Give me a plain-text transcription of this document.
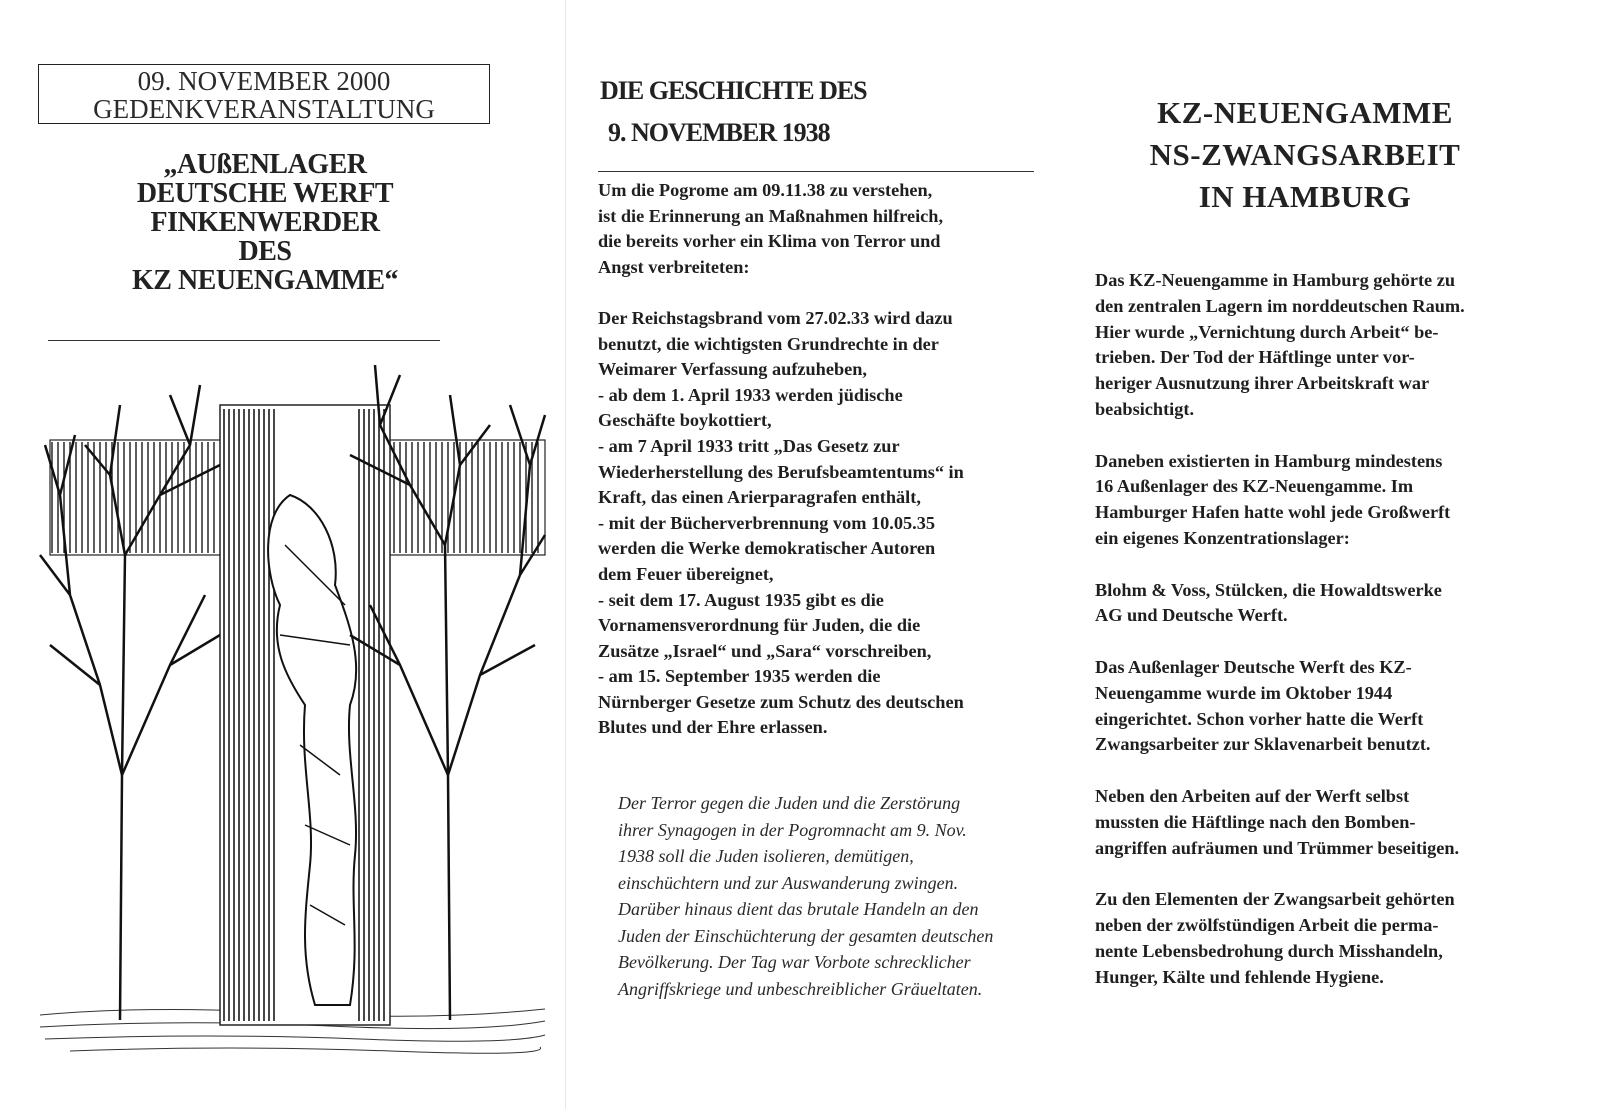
09. NOVEMBER 2000
GEDENKVERANSTALTUNG
„AUßENLAGER
DEUTSCHE WERFT
FINKENWERDER
DES
KZ NEUENGAMME“
DIE GESCHICHTE DES
9. NOVEMBER 1938
Um die Pogrome am 09.11.38 zu verstehen,
ist die Erinnerung an Maßnahmen hilfreich,
die bereits vorher ein Klima von Terror und
Angst verbreiteten:

Der Reichstagsbrand vom 27.02.33 wird dazu
benutzt, die wichtigsten Grundrechte in der
Weimarer Verfassung aufzuheben,
- ab dem 1. April 1933 werden jüdische
Geschäfte boykottiert,
- am 7 April 1933 tritt „Das Gesetz zur
Wiederherstellung des Berufsbeamtentums“ in
Kraft, das einen Arierparagrafen enthält,
- mit der Bücherverbrennung vom 10.05.35
werden die Werke demokratischer Autoren
dem Feuer übereignet,
- seit dem 17. August 1935 gibt es die
Vornamensverordnung für Juden, die die
Zusätze „Israel“ und „Sara“ vorschreiben,
- am 15. September 1935 werden die
Nürnberger Gesetze zum Schutz des deutschen
Blutes und der Ehre erlassen.
Der Terror gegen die Juden und die Zerstörung
ihrer Synagogen in der Pogromnacht am 9. Nov.
1938 soll die Juden isolieren, demütigen,
einschüchtern und zur Auswanderung zwingen.
Darüber hinaus dient das brutale Handeln an den
Juden der Einschüchterung der gesamten deutschen
Bevölkerung. Der Tag war Vorbote schrecklicher
Angriffskriege und unbeschreiblicher Gräueltaten.
KZ-NEUENGAMME
NS-ZWANGSARBEIT
IN HAMBURG

Das KZ-Neuengamme in Hamburg gehörte zu
den zentralen Lagern im norddeutschen Raum.
Hier wurde „Vernichtung durch Arbeit“ be-
trieben. Der Tod der Häftlinge unter vor-
heriger Ausnutzung ihrer Arbeitskraft war
beabsichtigt.

Daneben existierten in Hamburg mindestens
16 Außenlager des KZ-Neuengamme. Im
Hamburger Hafen hatte wohl jede Großwerft
ein eigenes Konzentrationslager:

Blohm & Voss, Stülcken, die Howaldtswerke
AG und Deutsche Werft.

Das Außenlager Deutsche Werft des KZ-
Neuengamme wurde im Oktober 1944
eingerichtet. Schon vorher hatte die Werft
Zwangsarbeiter zur Sklavenarbeit benutzt.

Neben den Arbeiten auf der Werft selbst
mussten die Häftlinge nach den Bomben-
angriffen aufräumen und Trümmer beseitigen.

Zu den Elementen der Zwangsarbeit gehörten
neben der zwölfstündigen Arbeit die perma-
nente Lebensbedrohung durch Misshandeln,
Hunger, Kälte und fehlende Hygiene.
